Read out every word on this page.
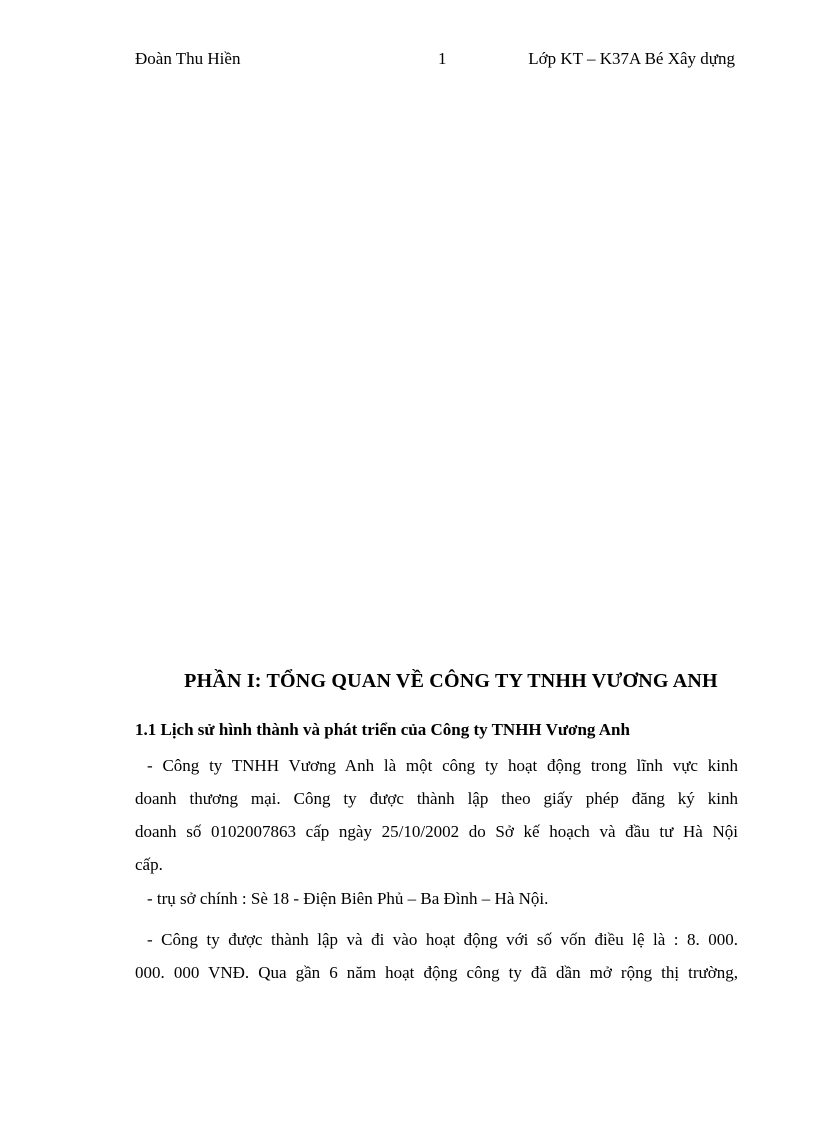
Đoàn Thu Hiền	1	Lớp KT – K37A Bé Xây dựng
PHẦN I: TỔNG QUAN VỀ CÔNG TY TNHH VƯƠNG ANH
1.1 Lịch sử hình thành và phát triển của Công ty TNHH Vương Anh
- Công ty TNHH Vương Anh là một công ty hoạt động trong lĩnh vực kinh
doanh thương mại. Công ty được thành lập theo giấy phép đăng ký kinh
doanh số 0102007863 cấp ngày 25/10/2002 do Sở kế hoạch và đầu tư Hà Nội
cấp.
- trụ sở chính : Sè 18 - Điện Biên Phủ – Ba Đình – Hà Nội.
- Công ty được thành lập và đi vào hoạt động với số vốn điều lệ là : 8. 000.
000. 000 VNĐ. Qua gần 6 năm hoạt động công ty đã dần mở rộng thị trường,
